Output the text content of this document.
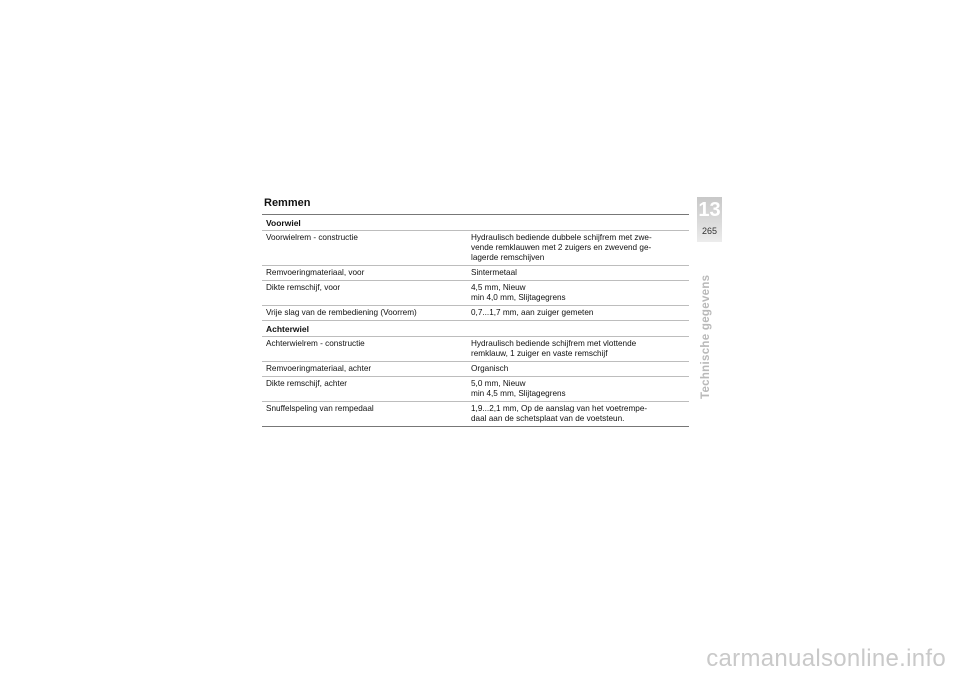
Remmen
Voorwiel	
Voorwielrem - constructie	Hydraulisch bediende dubbele schijfrem met zwe-
vende remklauwen met 2 zuigers en zwevend ge-
lagerde remschijven
Remvoeringmateriaal, voor	Sintermetaal
Dikte remschijf, voor	4,5 mm, Nieuw
min 4,0 mm, Slijtagegrens
Vrije slag van de rembediening (Voorrem)	0,7...1,7 mm, aan zuiger gemeten
Achterwiel	
Achterwielrem - constructie	Hydraulisch bediende schijfrem met vlottende
remklauw, 1 zuiger en vaste remschijf
Remvoeringmateriaal, achter	Organisch
Dikte remschijf, achter	5,0 mm, Nieuw
min 4,5 mm, Slijtagegrens
Snuffelspeling van rempedaal	1,9...2,1 mm, Op de aanslag van het voetrempe-
daal aan de schetsplaat van de voetsteun.
13
265
Technische gegevens
carmanualsonline.info
